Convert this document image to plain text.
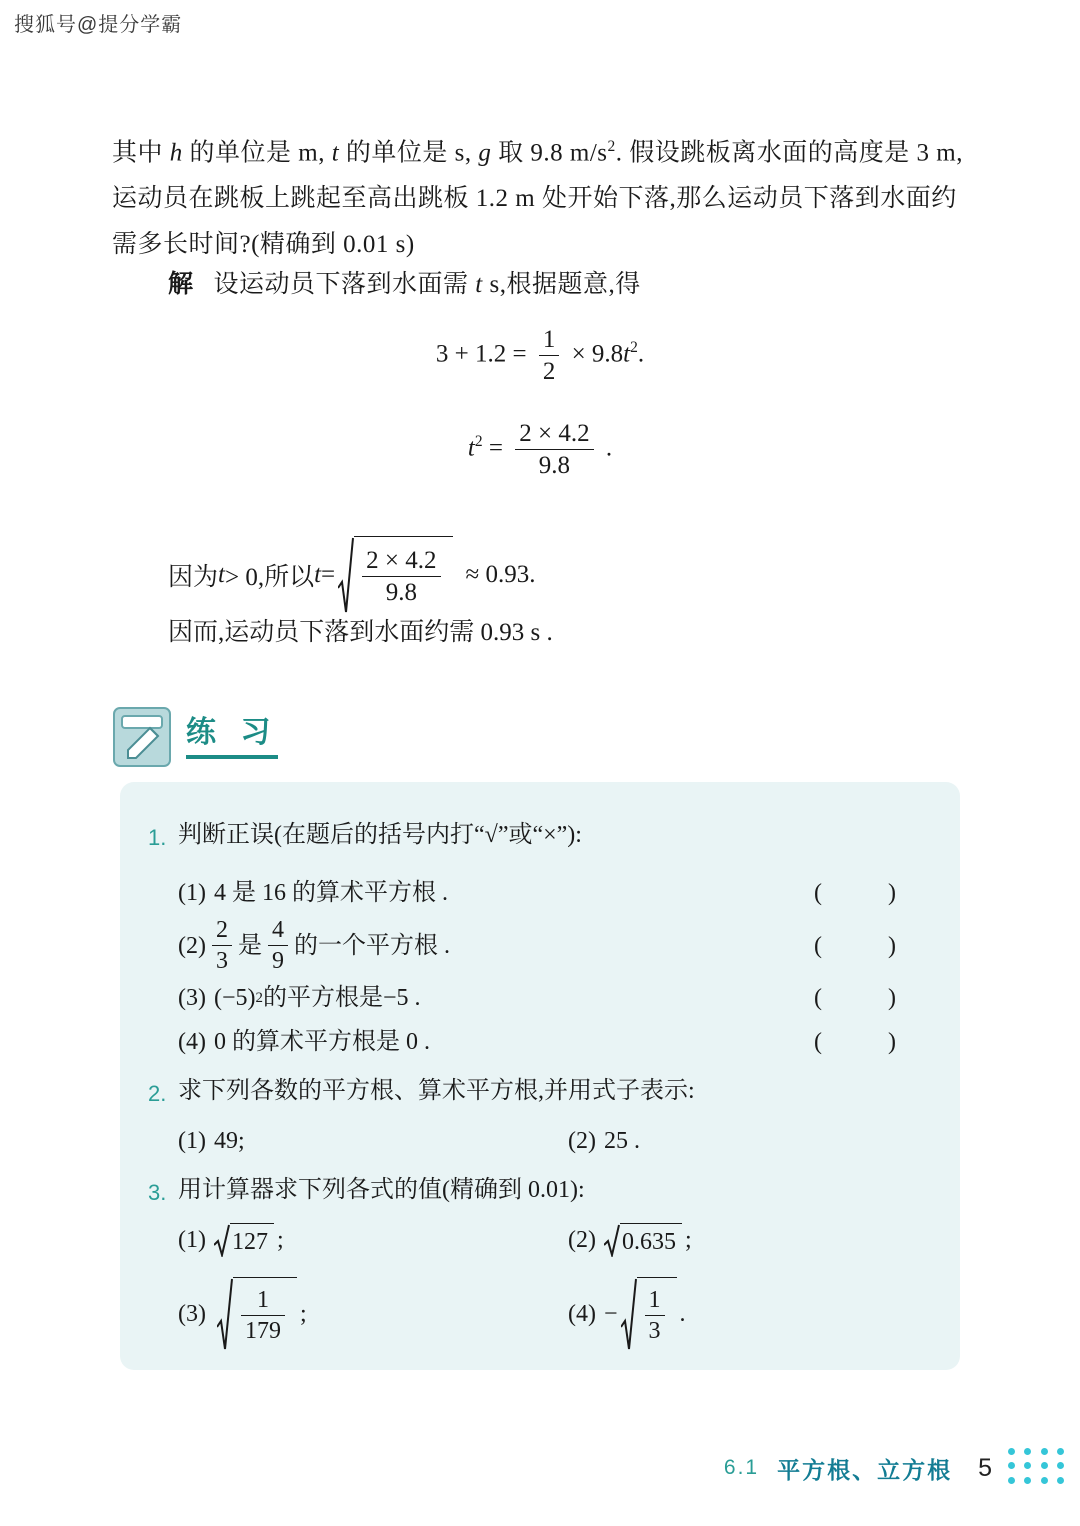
搜狐号@提分学霸
其中 h 的单位是 m, t 的单位是 s, g 取 9.8 $m/s^2$. 假设跳板离水面的高度是 3 m,
运动员在跳板上跳起至高出跳板 1.2 m 处开始下落,那么运动员下落到水面约
需多长时间?(精确到 0.01 s)
解 设运动员下落到水面需 t s,根据题意,得
$3 + 1.2 = \frac{1}{2} \times 9.8t^2$.
$t^2 = \frac{2 \times 4.2}{9.8}$ .
因为 t > 0,所以 $t = \frac{2 \times 4.2}{9.8} \approx 0.93$.
因而,运动员下落到水面约需 0.93 s .
练 习
1. 判断正误(在题后的括号内打“√”或“×”):
(1) 4 是 16 的算术平方根 .	( )
$(2) \frac{2}{3}$ 是 $\frac{4}{9}$ 的一个平方根 .	( )
(3) (−5) 2 的平方根是−5 .	( )
(4) 0 的算术平方根是 0 .	( )
2. 求下列各数的平方根、算术平方根,并用式子表示:
(1) 49;	(2) 25 .
3. 用计算器求下列各式的值(精确到 0.01):
(1) 127 ;	(2) 0.635 ;
$(3) \frac{1}{179}$ ;	$(4) - \frac{1}{3}$ .
6.1 平方根、立方根 5
